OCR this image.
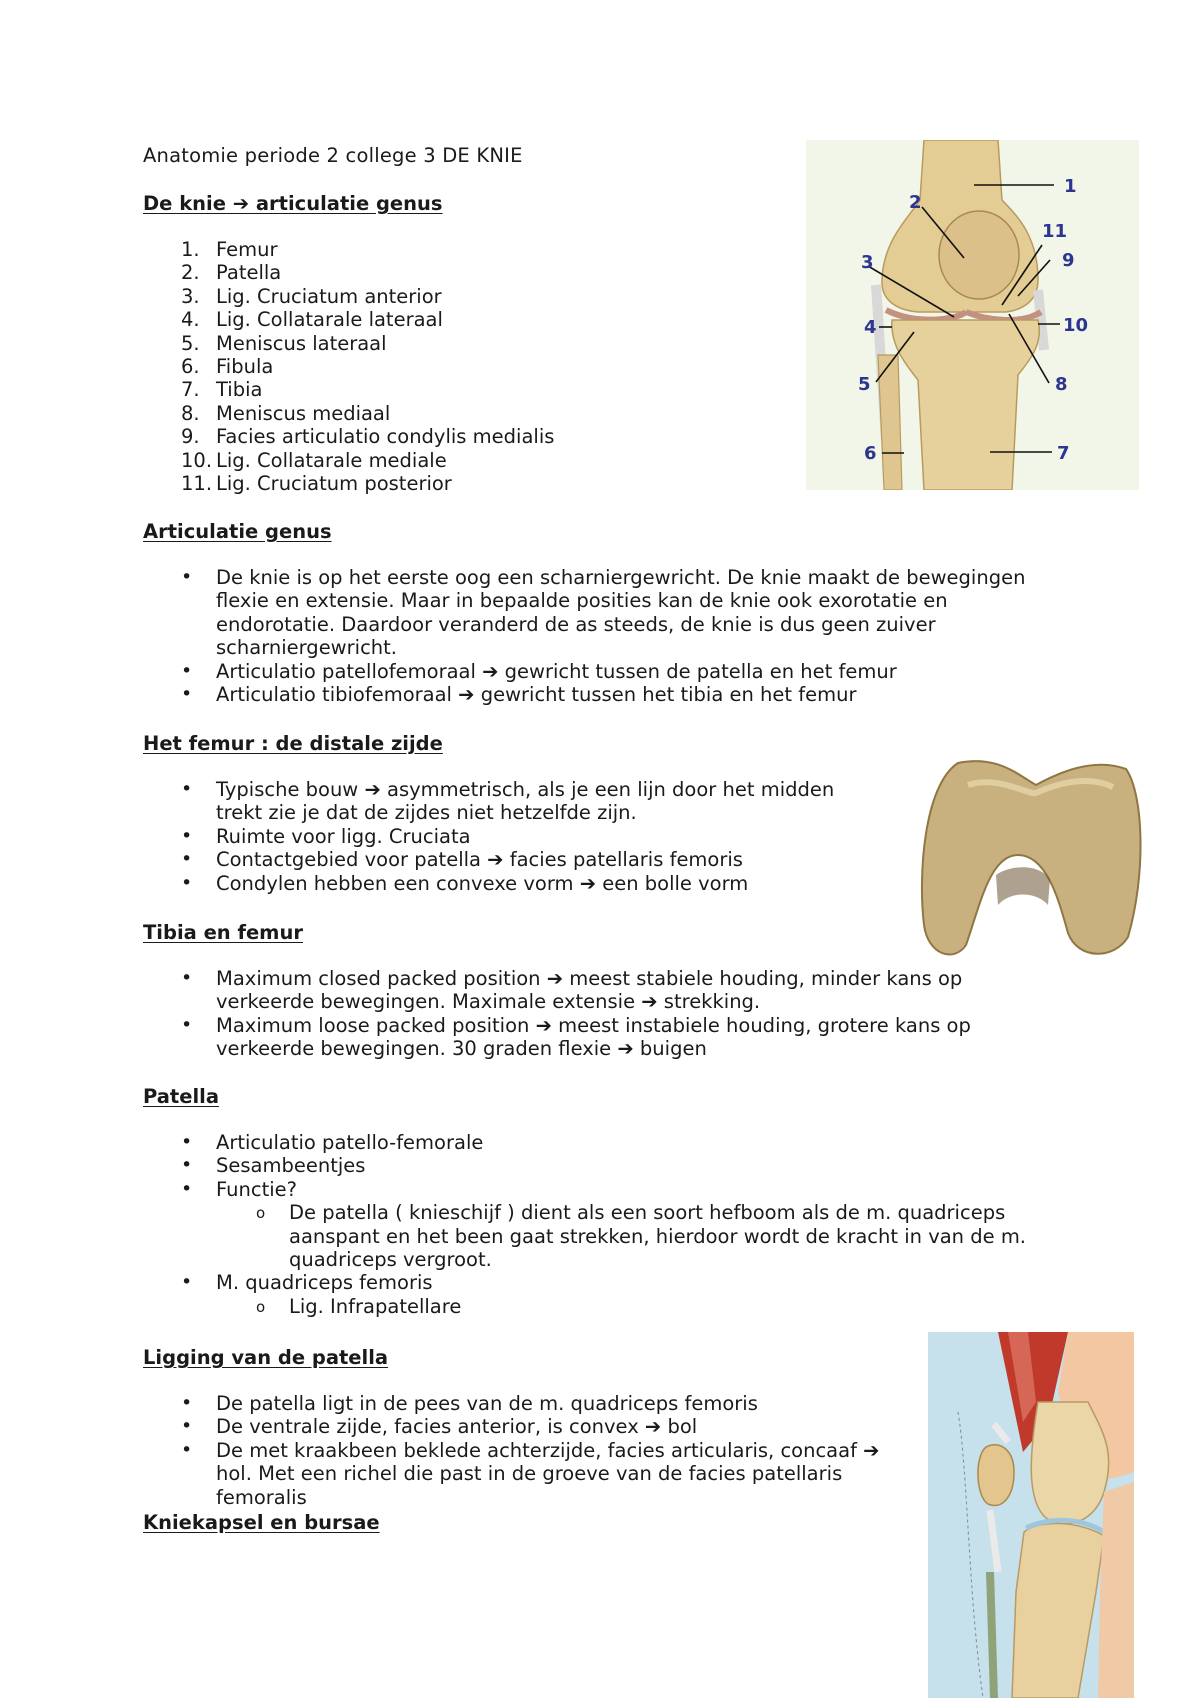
Anatomie periode 2 college 3 DE KNIE
De knie ➔ articulatie genus
1. Femur
2. Patella
3. Lig. Cruciatum anterior
4. Lig. Collatarale lateraal
5. Meniscus lateraal
6. Fibula
7. Tibia
8. Meniscus mediaal
9. Facies articulatio condylis medialis
10. Lig. Collatarale mediale
11. Lig. Cruciatum posterior
1
2
3
4
5
6	7
8
9
10
11
Articulatie genus
• De knie is op het eerste oog een scharniergewricht. De knie maakt de bewegingen flexie en extensie. Maar in bepaalde posities kan de knie ook exorotatie en endorotatie. Daardoor veranderd de as steeds, de knie is dus geen zuiver scharniergewricht.
• Articulatio patellofemoraal ➔ gewricht tussen de patella en het femur
• Articulatio tibiofemoraal ➔ gewricht tussen het tibia en het femur
Het femur : de distale zijde
• Typische bouw ➔ asymmetrisch, als je een lijn door het midden trekt zie je dat de zijdes niet hetzelfde zijn.
• Ruimte voor ligg. Cruciata
• Contactgebied voor patella ➔ facies patellaris femoris
• Condylen hebben een convexe vorm ➔ een bolle vorm
Tibia en femur
• Maximum closed packed position ➔ meest stabiele houding, minder kans op verkeerde bewegingen. Maximale extensie ➔ strekking.
• Maximum loose packed position ➔ meest instabiele houding, grotere kans op verkeerde bewegingen. 30 graden flexie ➔ buigen
Patella
• Articulatio patello-femorale
• Sesambeentjes
• Functie?
o De patella ( knieschijf ) dient als een soort hefboom als de m. quadriceps aanspant en het been gaat strekken, hierdoor wordt de kracht in van de m. quadriceps vergroot.
• M. quadriceps femoris
o Lig. Infrapatellare
Ligging van de patella
• De patella ligt in de pees van de m. quadriceps femoris
• De ventrale zijde, facies anterior, is convex ➔ bol
• De met kraakbeen beklede achterzijde, facies articularis, concaaf ➔ hol. Met een richel die past in de groeve van de facies patellaris femoralis
Kniekapsel en bursae
